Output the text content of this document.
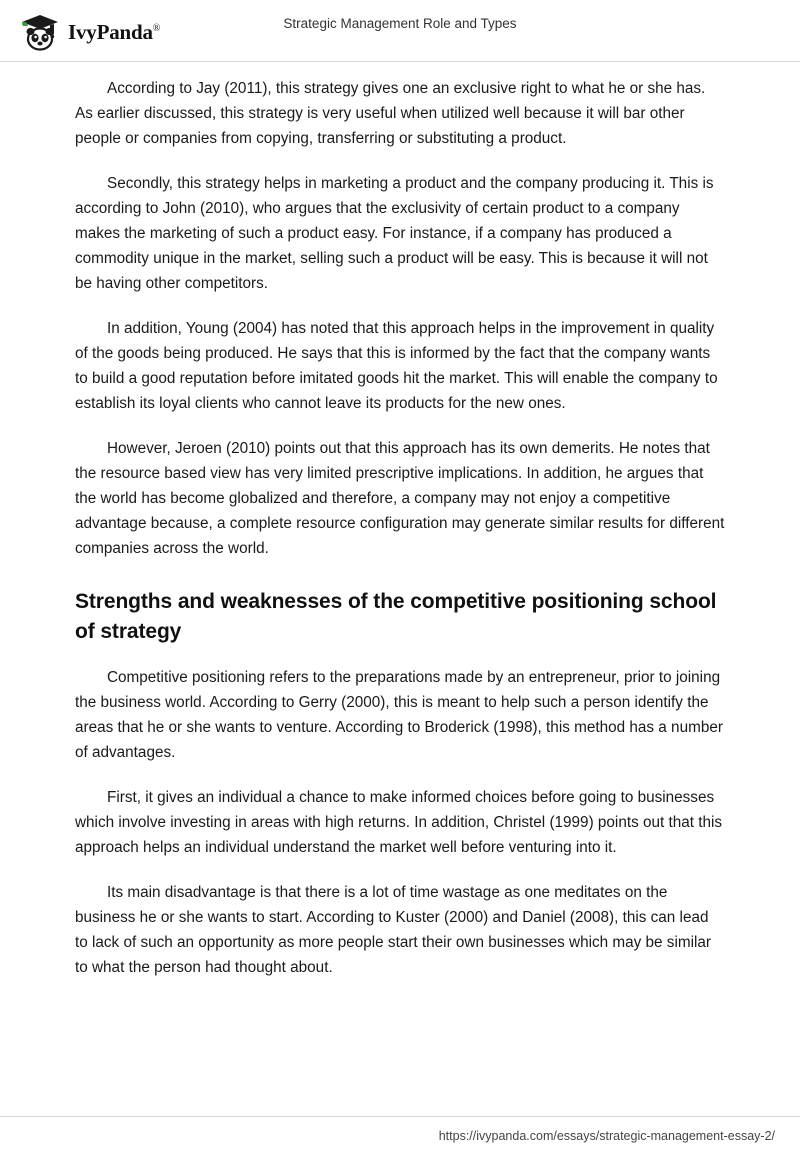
IvyPanda®	Strategic Management Role and Types

According to Jay (2011), this strategy gives one an exclusive right to what he or she has. As earlier discussed, this strategy is very useful when utilized well because it will bar other people or companies from copying, transferring or substituting a product.

Secondly, this strategy helps in marketing a product and the company producing it. This is according to John (2010), who argues that the exclusivity of certain product to a company makes the marketing of such a product easy. For instance, if a company has produced a commodity unique in the market, selling such a product will be easy. This is because it will not be having other competitors.

In addition, Young (2004) has noted that this approach helps in the improvement in quality of the goods being produced. He says that this is informed by the fact that the company wants to build a good reputation before imitated goods hit the market. This will enable the company to establish its loyal clients who cannot leave its products for the new ones.

However, Jeroen (2010) points out that this approach has its own demerits. He notes that the resource based view has very limited prescriptive implications. In addition, he argues that the world has become globalized and therefore, a company may not enjoy a competitive advantage because, a complete resource configuration may generate similar results for different companies across the world.

Strengths and weaknesses of the competitive positioning school of strategy

Competitive positioning refers to the preparations made by an entrepreneur, prior to joining the business world. According to Gerry (2000), this is meant to help such a person identify the areas that he or she wants to venture. According to Broderick (1998), this method has a number of advantages.

First, it gives an individual a chance to make informed choices before going to businesses which involve investing in areas with high returns. In addition, Christel (1999) points out that this approach helps an individual understand the market well before venturing into it.

Its main disadvantage is that there is a lot of time wastage as one meditates on the business he or she wants to start. According to Kuster (2000) and Daniel (2008), this can lead to lack of such an opportunity as more people start their own businesses which may be similar to what the person had thought about.

https://ivypanda.com/essays/strategic-management-essay-2/
